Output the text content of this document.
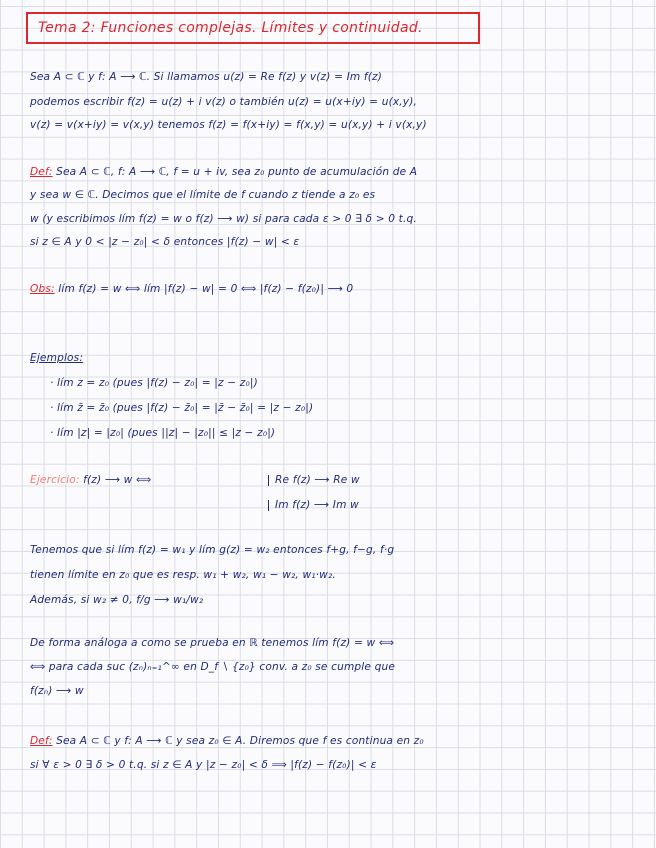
Tema 2: Funciones complejas. Límites y continuidad.
Sea A ⊂ ℂ y f: A ⟶ ℂ. Si llamamos u(z) = Re f(z) y v(z) = Im f(z)
podemos escribir f(z) = u(z) + i v(z) o también u(z) = u(x+iy) = u(x,y),
v(z) = v(x+iy) = v(x,y) tenemos f(z) = f(x+iy) = f(x,y) = u(x,y) + i v(x,y)
Def: Sea A ⊂ ℂ, f: A ⟶ ℂ, f = u + iv, sea z₀ punto de acumulación de A
y sea w ∈ ℂ. Decimos que el límite de f cuando z tiende a z₀ es
w (y escribimos lím f(z) = w o f(z) ⟶ w) si para cada ε > 0 ∃ δ > 0 t.q.
si z ∈ A y 0 < |z − z₀| < δ entonces |f(z) − w| < ε
Obs: lím f(z) = w ⟺ lím |f(z) − w| = 0 ⟺ |f(z) − f(z₀)| ⟶ 0
Ejemplos:
· lím z = z₀ (pues |f(z) − z₀| = |z − z₀|)
· lím z̄ = z̄₀ (pues |f(z) − z̄₀| = |z̄ − z̄₀| = |z − z₀|)
· lím |z| = |z₀| (pues ||z| − |z₀|| ≤ |z − z₀|)
Ejercicio: f(z) ⟶ w ⟺	Re f(z) ⟶ Re w
Im f(z) ⟶ Im w
Tenemos que si lím f(z) = w₁ y lím g(z) = w₂ entonces f+g, f−g, f·g
tienen límite en z₀ que es resp. w₁ + w₂, w₁ − w₂, w₁·w₂.
Además, si w₂ ≠ 0, f/g ⟶ w₁/w₂
De forma análoga a como se prueba en ℝ tenemos lím f(z) = w ⟺
⟺ para cada suc (zₙ)ₙ₌₁^∞ en D_f ∖ {z₀} conv. a z₀ se cumple que
f(zₙ) ⟶ w
Def: Sea A ⊂ ℂ y f: A ⟶ ℂ y sea z₀ ∈ A. Diremos que f es continua en z₀
si ∀ ε > 0 ∃ δ > 0 t.q. si z ∈ A y |z − z₀| < δ ⟹ |f(z) − f(z₀)| < ε
